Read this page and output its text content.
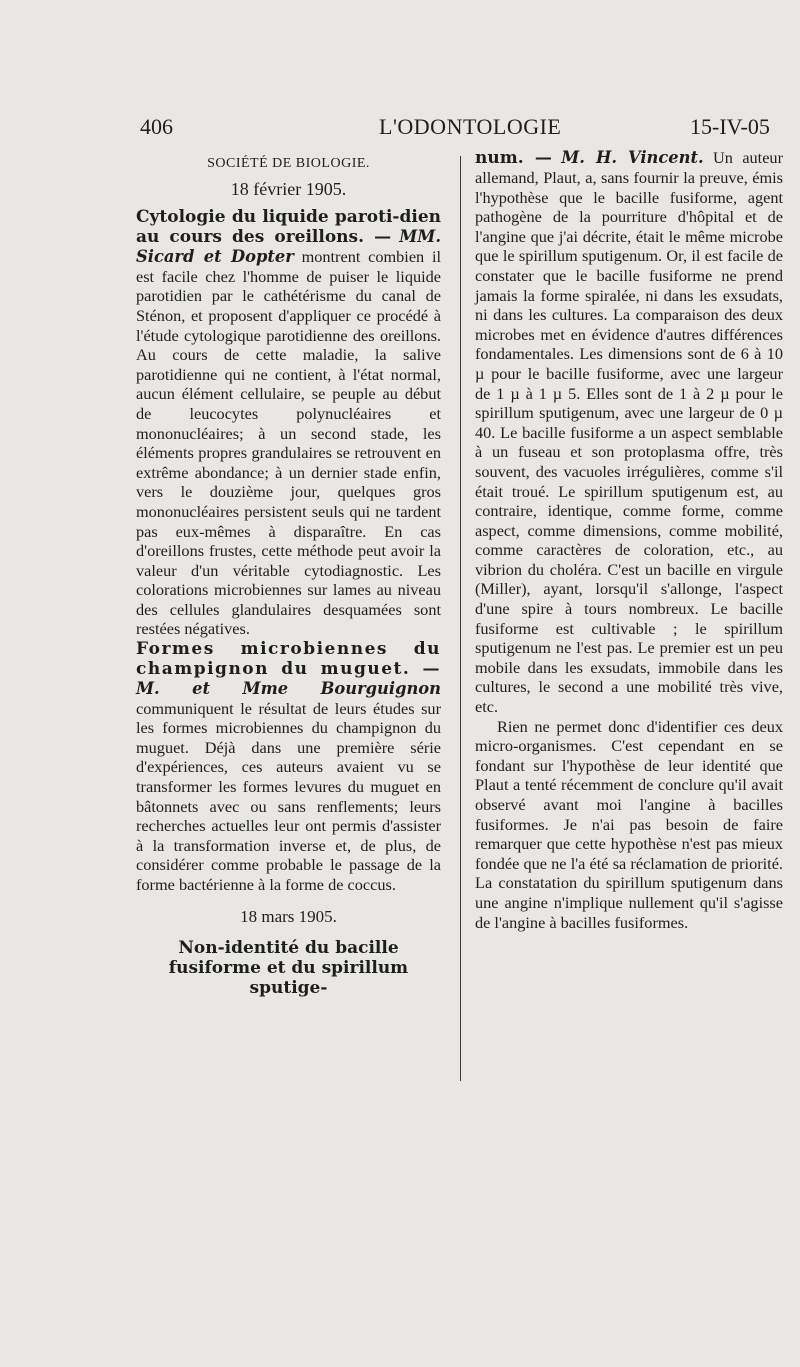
406	L'ODONTOLOGIE	15-IV-05
SOCIÉTÉ DE BIOLOGIE.
18 février 1905.

Cytologie du liquide paroti-dien au cours des oreillons. — MM. Sicard et Dopter montrent combien il est facile chez l'homme de puiser le liquide parotidien par le cathétérisme du canal de Sténon, et proposent d'appliquer ce procédé à l'étude cytologique parotidienne des oreillons. Au cours de cette maladie, la salive parotidienne qui ne contient, à l'état normal, aucun élément cellulaire, se peuple au début de leucocytes polynucléaires et mononucléaires; à un second stade, les éléments propres grandulaires se retrouvent en extrême abondance; à un dernier stade enfin, vers le douzième jour, quelques gros mononucléaires persistent seuls qui ne tardent pas eux-mêmes à disparaître. En cas d'oreillons frustes, cette méthode peut avoir la valeur d'un véritable cytodiagnostic. Les colorations microbiennes sur lames au niveau des cellules glandulaires desquamées sont restées négatives.

Formes microbiennes du champignon du muguet. — M. et Mme Bourguignon communiquent le résultat de leurs études sur les formes microbiennes du champignon du muguet. Déjà dans une première série d'expériences, ces auteurs avaient vu se transformer les formes levures du muguet en bâtonnets avec ou sans renflements; leurs recherches actuelles leur ont permis d'assister à la transformation inverse et, de plus, de considérer comme probable le passage de la forme bactérienne à la forme de coccus.

18 mars 1905.

Non-identité du bacille fusiforme et du spirillum sputige-

num. — M. H. Vincent. Un auteur allemand, Plaut, a, sans fournir la preuve, émis l'hypothèse que le bacille fusiforme, agent pathogène de la pourriture d'hôpital et de l'angine que j'ai décrite, était le même microbe que le spirillum sputigenum. Or, il est facile de constater que le bacille fusiforme ne prend jamais la forme spiralée, ni dans les exsudats, ni dans les cultures. La comparaison des deux microbes met en évidence d'autres différences fondamentales. Les dimensions sont de 6 à 10 µ pour le bacille fusiforme, avec une largeur de 1 µ à 1 µ 5. Elles sont de 1 à 2 µ pour le spirillum sputigenum, avec une largeur de 0 µ 40. Le bacille fusiforme a un aspect semblable à un fuseau et son protoplasma offre, très souvent, des vacuoles irrégulières, comme s'il était troué. Le spirillum sputigenum est, au contraire, identique, comme forme, comme aspect, comme dimensions, comme mobilité, comme caractères de coloration, etc., au vibrion du choléra. C'est un bacille en virgule (Miller), ayant, lorsqu'il s'allonge, l'aspect d'une spire à tours nombreux. Le bacille fusiforme est cultivable ; le spirillum sputigenum ne l'est pas. Le premier est un peu mobile dans les exsudats, immobile dans les cultures, le second a une mobilité très vive, etc.

Rien ne permet donc d'identifier ces deux micro-organismes. C'est cependant en se fondant sur l'hypothèse de leur identité que Plaut a tenté récemment de conclure qu'il avait observé avant moi l'angine à bacilles fusiformes. Je n'ai pas besoin de faire remarquer que cette hypothèse n'est pas mieux fondée que ne l'a été sa réclamation de priorité. La constatation du spirillum sputigenum dans une angine n'implique nullement qu'il s'agisse de l'angine à bacilles fusiformes.
